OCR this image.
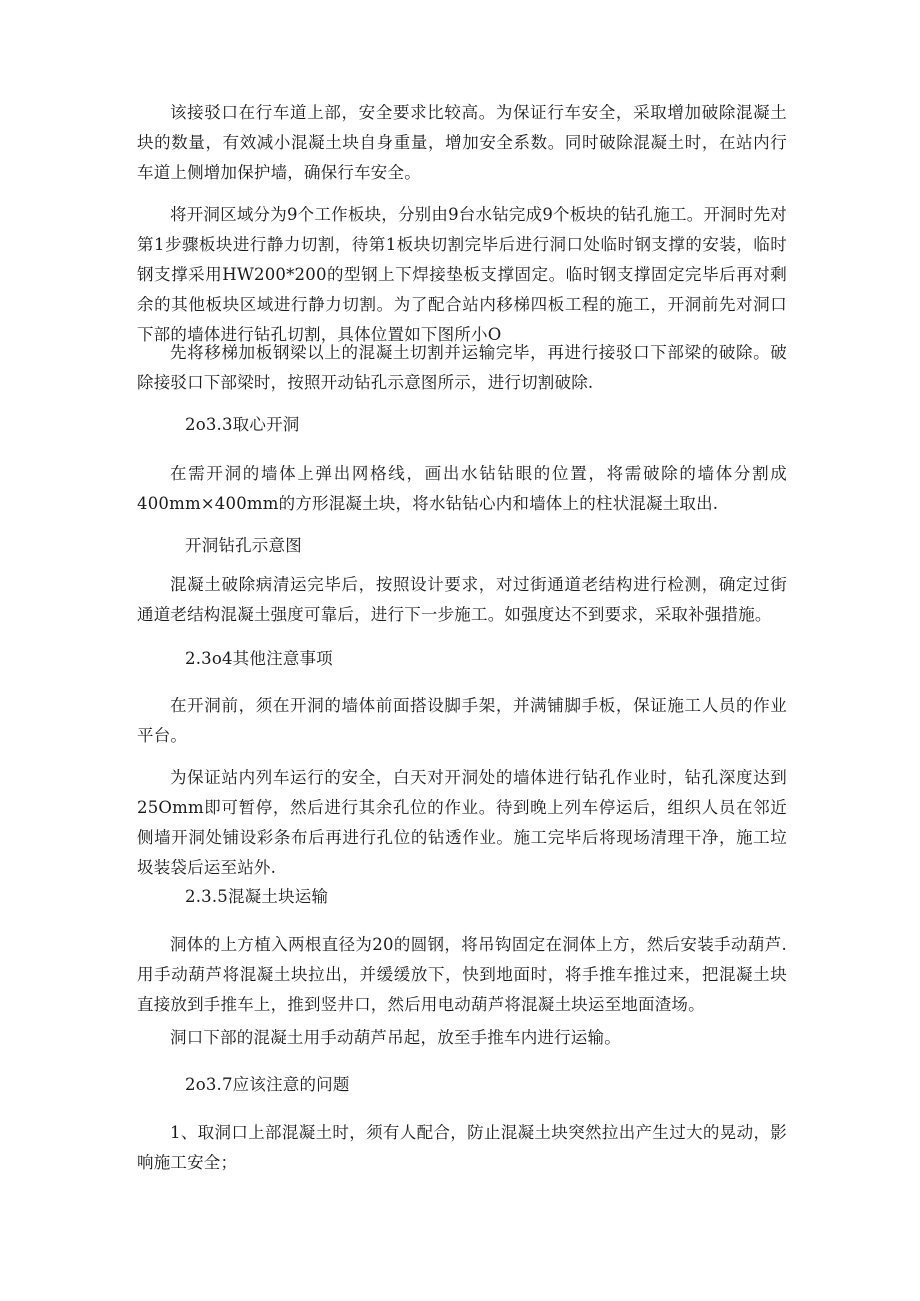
该接驳口在行车道上部，安全要求比较高。为保证行车安全，采取增加破除混凝土块的数量，有效减小混凝土块自身重量，增加安全系数。同时破除混凝土时，在站内行车道上侧增加保护墙，确保行车安全。

将开洞区域分为9个工作板块，分别由9台水钻完成9个板块的钻孔施工。开洞时先对第1步骤板块进行静力切割，待第1板块切割完毕后进行洞口处临时钢支撑的安装，临时钢支撑采用HW200*200的型钢上下焊接垫板支撑固定。临时钢支撑固定完毕后再对剩余的其他板块区域进行静力切割。为了配合站内移梯四板工程的施工，开洞前先对洞口下部的墙体进行钻孔切割，具体位置如下图所小O

先将移梯加板钢梁以上的混凝土切割并运输完毕，再进行接驳口下部梁的破除。破除接驳口下部梁时，按照开动钻孔示意图所示，进行切割破除.

2o3.3取心开洞

在需开洞的墙体上弹出网格线，画出水钻钻眼的位置，将需破除的墙体分割成400mm×400mm的方形混凝土块，将水钻钻心内和墙体上的柱状混凝土取出.

开洞钻孔示意图

混凝土破除病清运完毕后，按照设计要求，对过街通道老结构进行检测，确定过街通道老结构混凝土强度可靠后，进行下一步施工。如强度达不到要求，采取补强措施。

2.3o4其他注意事项

在开洞前，须在开洞的墙体前面搭设脚手架，并满铺脚手板，保证施工人员的作业平台。

为保证站内列车运行的安全，白天对开洞处的墙体进行钻孔作业时，钻孔深度达到25Omm即可暂停，然后进行其余孔位的作业。待到晚上列车停运后，组织人员在邻近侧墙开洞处铺设彩条布后再进行孔位的钻透作业。施工完毕后将现场清理干净，施工垃圾装袋后运至站外.

2.3.5混凝土块运输

洞体的上方植入两根直径为20的圆钢，将吊钩固定在洞体上方，然后安装手动葫芦.用手动葫芦将混凝土块拉出，并缓缓放下，快到地面时，将手推车推过来，把混凝土块直接放到手推车上，推到竖井口，然后用电动葫芦将混凝土块运至地面渣场。

洞口下部的混凝土用手动葫芦吊起，放至手推车内进行运输。

2o3.7应该注意的问题

1、取洞口上部混凝土时，须有人配合，防止混凝土块突然拉出产生过大的晃动，影响施工安全；
